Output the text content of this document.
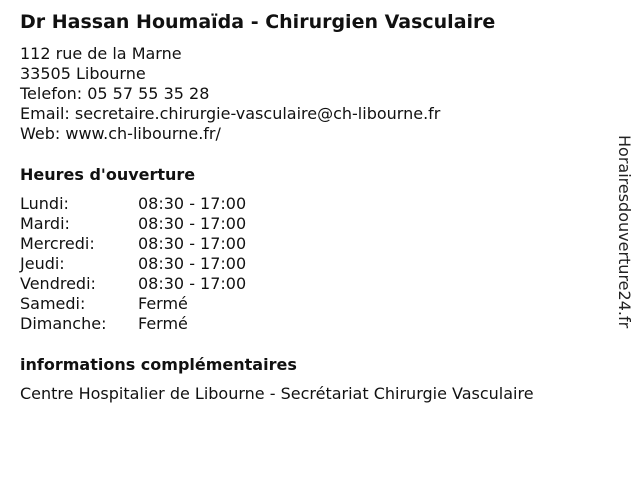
Dr Hassan Houmaïda - Chirurgien Vasculaire
112 rue de la Marne
33505 Libourne
Telefon: 05 57 55 35 28
Email: secretaire.chirurgie-vasculaire@ch-libourne.fr
Web: www.ch-libourne.fr/
Heures d'ouverture
Lundi:	08:30 - 17:00
Mardi:	08:30 - 17:00
Mercredi:	08:30 - 17:00
Jeudi:	08:30 - 17:00
Vendredi:	08:30 - 17:00
Samedi:	Fermé
Dimanche:	Fermé
informations complémentaires
Centre Hospitalier de Libourne - Secrétariat Chirurgie Vasculaire
Horairesdouverture24.fr
